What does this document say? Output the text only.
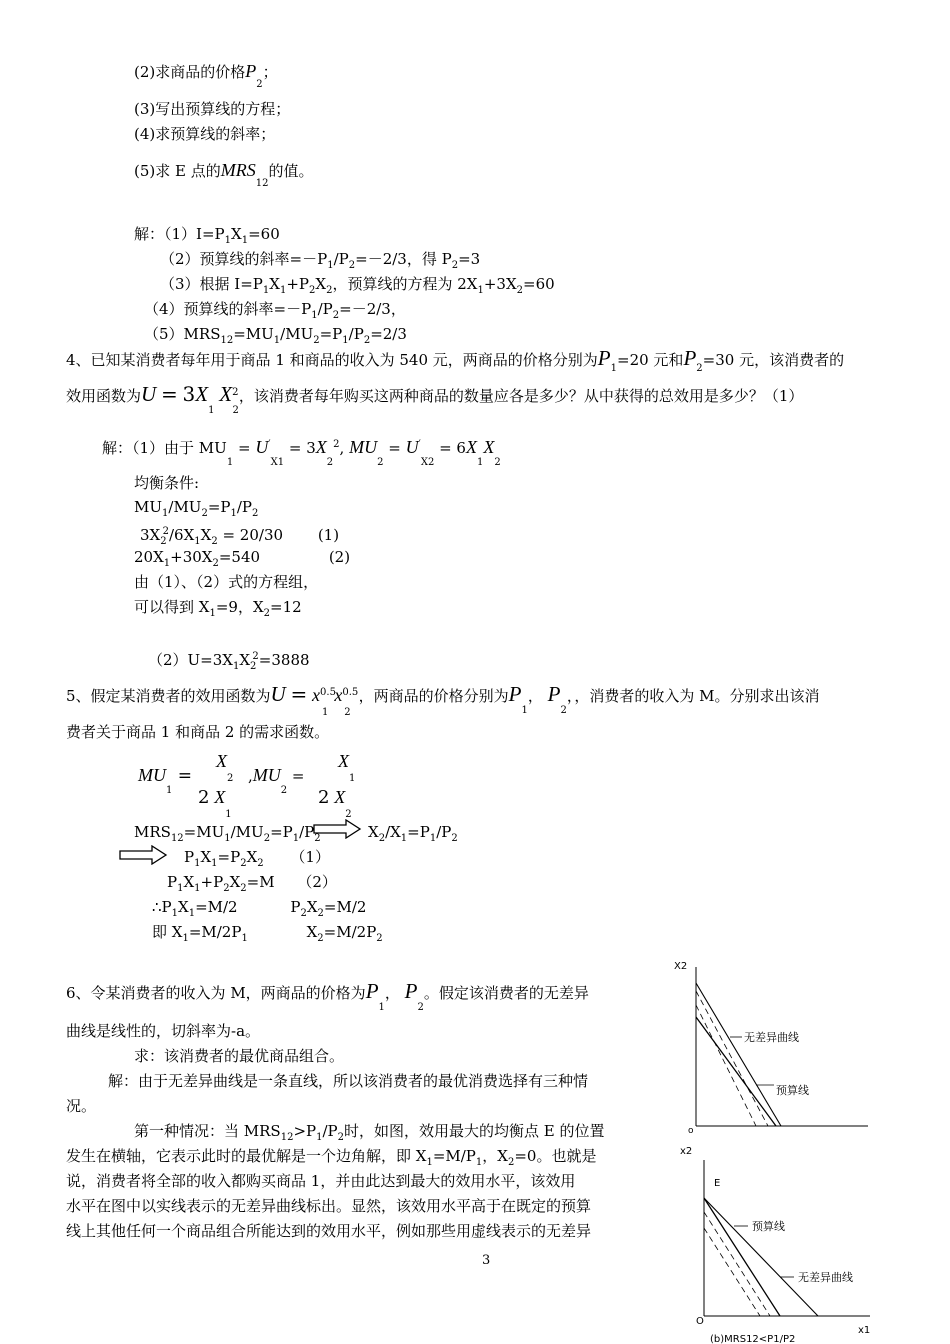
(2)求商品的价格$P_2$；
(3)写出预算线的方程；
(4)求预算线的斜率；
(5)求 E 点的$MRS_{12}$的值。
解：$(1)I=P_1X_1=60$
（2）预算线的斜率$=-P_1/P_2=-2/3$，得 $P_2=3$
（3）根据 $I=P_1X_1+P_2X_2$，预算线的方程为 $2X_1+3X_2=60$
（4）预算线的斜率$=-P_1/P_2=-2/3$，
$(5)MRS_{12}=MU_1/MU_2=P_1/P_2=2/3$
4、已知某消费者每年用于商品 1 和商品的收入为 540 元，两商品的价格分别为$P_1=20$ 元和$P_2=30$ 元，该消费者的
效用函数为$U = 3X_1$ $X^2_2$，该消费者每年购买这两种商品的数量应各是多少？从中获得的总效用是多少？（1）
解：（1）由于 $MU_1 = U'_{X1} = 3X_2^2$, $MU_2 = U'_{X2} = 6X_1X_2$
均衡条件:
$MU_1/MU_2=P_1/P_2$
$3X_2^2/6X_1X_2 = 20/30$ (1)
$20X_1+30X_2=540$	(2)
由（1）、（2）式的方程组，
可以得到 $X_1=9$，$X_2=12$
$(2)U=3X_1X_2^2=3888$
5、假定某消费者的效用函数为$U = x^{0.5}_1x^{0.5}_2$，两商品的价格分别为$P_1$， $P_2$，，消费者的收入为 M。分别求出该消
费者关于商品 1 和商品 2 的需求函数。
$MU_1$ =
$X_2$
2 $X_1$
$,MU_2$ =
$X_1$
2 $X_2$
$MRS_{12}=MU_1/MU_2=P_1/P_2$	$X_2/X_1=P_1/P_2$
$P_1X_1=P_2X_2$ （1）
$P_1X_1+P_2X_2=M$ （2）
$\therefore P_1X_1=M/2$	$P_2X_2=M/2$
即 $X_1=M/2P_1$	$X_2=M/2P_2$
6、令某消费者的收入为 M，两商品的价格为$P_1$， $P_2$。假定该消费者的无差异
曲线是线性的，切斜率为-a。
求：该消费者的最优商品组合。
解：由于无差异曲线是一条直线，所以该消费者的最优消费选择有三种情
况。
第一种情况：当 $MRS_{12}>P_1/P_2$时，如图，效用最大的均衡点 E 的位置
发生在横轴，它表示此时的最优解是一个边角解，即 $X_1=M/P_1$，$X_2=0$。也就是
说，消费者将全部的收入都购买商品 1，并由此达到最大的效用水平，该效用
水平在图中以实线表示的无差异曲线标出。显然，该效用水平高于在既定的预算
线上其他任何一个商品组合所能达到的效用水平，例如那些用虚线表示的无差异
3
X2
o
无差异曲线
预算线
x2
E
O
x1
预算线
无差异曲线
(b)MRS12<P1/P2
